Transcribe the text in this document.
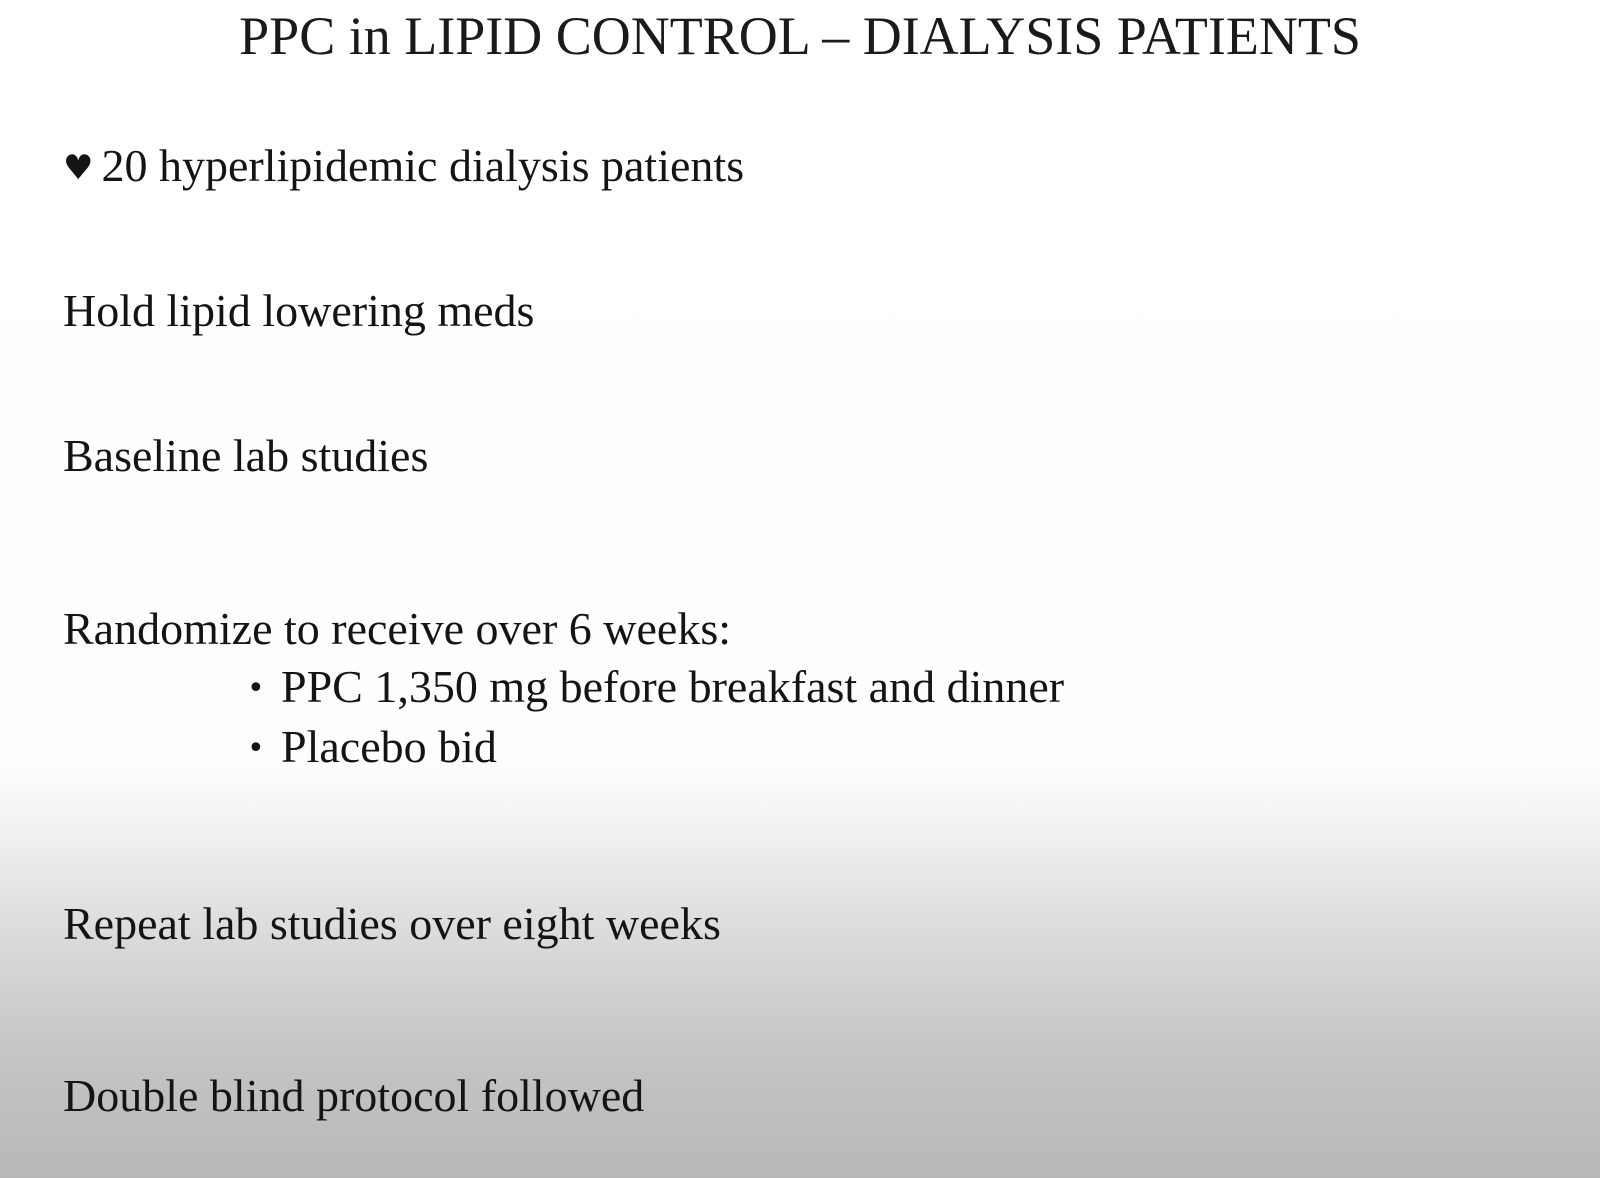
PPC in LIPID CONTROL – DIALYSIS PATIENTS
♥ 20 hyperlipidemic dialysis patients
Hold lipid lowering meds
Baseline lab studies
Randomize to receive over 6 weeks:
• PPC 1,350 mg before breakfast and dinner
• Placebo bid
Repeat lab studies over eight weeks
Double blind protocol followed
